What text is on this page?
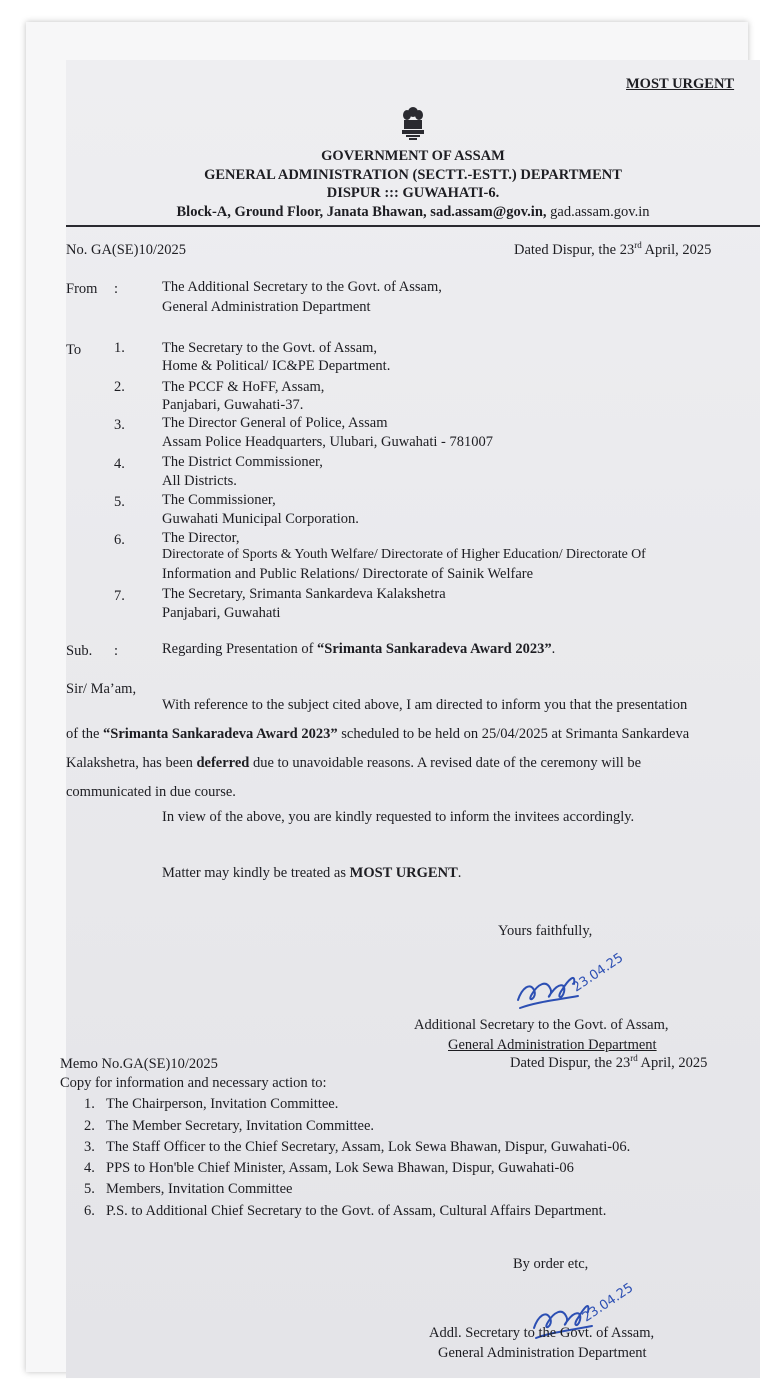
MOST URGENT
GOVERNMENT OF ASSAM
GENERAL ADMINISTRATION (SECTT.-ESTT.) DEPARTMENT
DISPUR ::: GUWAHATI-6.
Block-A, Ground Floor, Janata Bhawan, sad.assam@gov.in, gad.assam.gov.in
No. GA(SE)10/2025	Dated Dispur, the 23rd April, 2025
From :	The Additional Secretary to the Govt. of Assam,
General Administration Department
To 1.	The Secretary to the Govt. of Assam,
Home & Political/ IC&PE Department.
2.	The PCCF & HoFF, Assam,
Panjabari, Guwahati-37.
3.	The Director General of Police, Assam
Assam Police Headquarters, Ulubari, Guwahati - 781007
4.	The District Commissioner,
All Districts.
5.	The Commissioner,
Guwahati Municipal Corporation.
6.	The Director,
Directorate of Sports & Youth Welfare/ Directorate of Higher Education/ Directorate Of
Information and Public Relations/ Directorate of Sainik Welfare
7.	The Secretary, Srimanta Sankardeva Kalakshetra
Panjabari, Guwahati
Sub. :	Regarding Presentation of “Srimanta Sankaradeva Award 2023”.
Sir/ Ma’am,
With reference to the subject cited above, I am directed to inform you that the presentation
of the “Srimanta Sankaradeva Award 2023” scheduled to be held on 25/04/2025 at Srimanta Sankardeva
Kalakshetra, has been deferred due to unavoidable reasons. A revised date of the ceremony will be
communicated in due course.
In view of the above, you are kindly requested to inform the invitees accordingly.
Matter may kindly be treated as MOST URGENT.
Yours faithfully,
23.04.25
Additional Secretary to the Govt. of Assam,
General Administration Department
Memo No.GA(SE)10/2025	Dated Dispur, the 23rd April, 2025
Copy for information and necessary action to:
1. The Chairperson, Invitation Committee.
2. The Member Secretary, Invitation Committee.
3. The Staff Officer to the Chief Secretary, Assam, Lok Sewa Bhawan, Dispur, Guwahati-06.
4. PPS to Hon'ble Chief Minister, Assam, Lok Sewa Bhawan, Dispur, Guwahati-06
5. Members, Invitation Committee
6. P.S. to Additional Chief Secretary to the Govt. of Assam, Cultural Affairs Department.
By order etc,
23.04.25
Addl. Secretary to the Govt. of Assam,
General Administration Department
